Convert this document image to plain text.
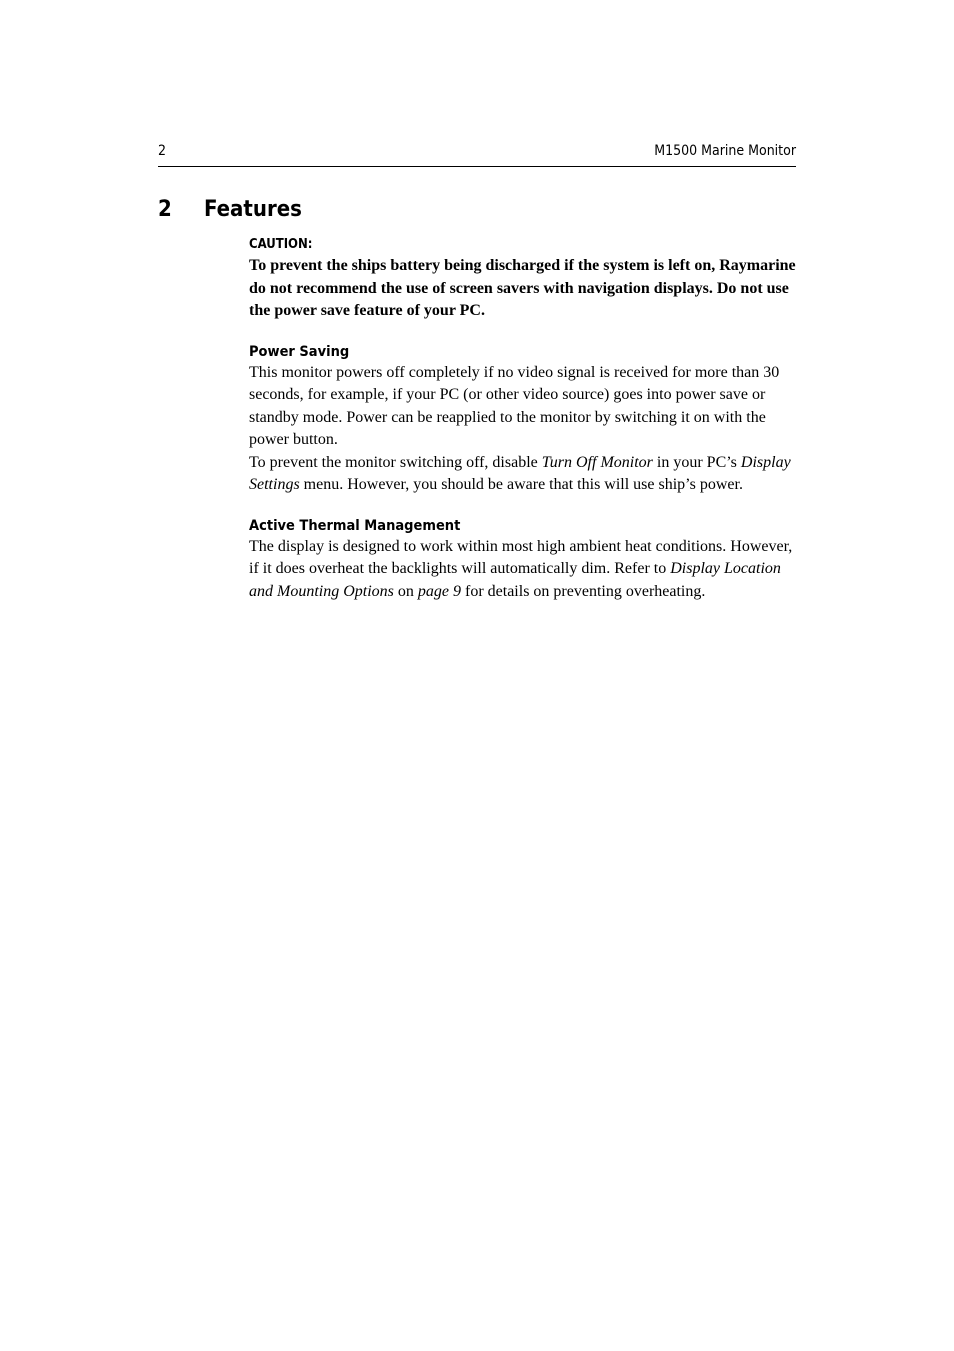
2	M1500 Marine Monitor
2 Features

CAUTION:

To prevent the ships battery being discharged if the system is left on, Raymarine do not recommend the use of screen savers with navigation displays. Do not use the power save feature of your PC.

Power Saving

This monitor powers off completely if no video signal is received for more than 30 seconds, for example, if your PC (or other video source) goes into power save or standby mode. Power can be reapplied to the monitor by switching it on with the power button.

To prevent the monitor switching off, disable Turn Off Monitor in your PC’s Display Settings menu. However, you should be aware that this will use ship’s power.

Active Thermal Management

The display is designed to work within most high ambient heat conditions. However, if it does overheat the backlights will automatically dim. Refer to Display Location and Mounting Options on page 9 for details on preventing overheating.
